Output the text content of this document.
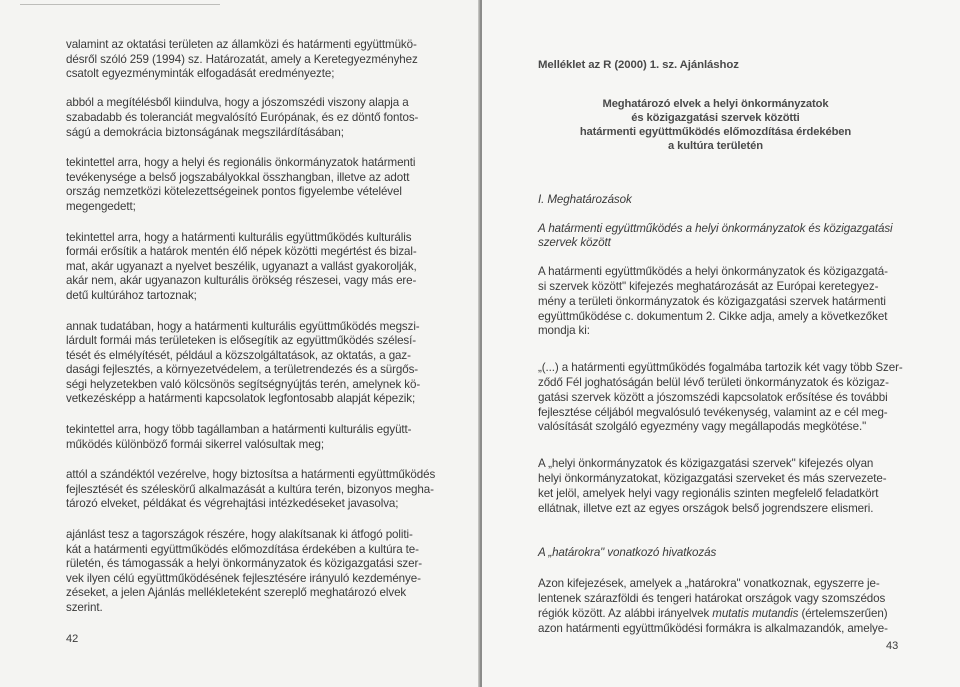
valamint az oktatási területen az államközi és határmenti együttmükö-
désről szóló 259 (1994) sz. Határozatát, amely a Keretegyezményhez
csatolt egyezményminták elfogadását eredményezte;

abból a megítélésből kiindulva, hogy a jószomszédi viszony alapja a
szabadabb és toleranciát megvalósító Európának, és ez döntő fontos-
ságú a demokrácia biztonságának megszilárdításában;

tekintettel arra, hogy a helyi és regionális önkormányzatok határmenti
tevékenysége a belső jogszabályokkal összhangban, illetve az adott
ország nemzetközi kötelezettségeinek pontos figyelembe vételével
megengedett;

tekintettel arra, hogy a határmenti kulturális együttműködés kulturális
formái erősítik a határok mentén élő népek közötti megértést és bizal-
mat, akár ugyanazt a nyelvet beszélik, ugyanazt a vallást gyakorolják,
akár nem, akár ugyanazon kulturális örökség részesei, vagy más ere-
detű kultúrához tartoznak;

annak tudatában, hogy a határmenti kulturális együttműködés megszi-
lárdult formái más területeken is elősegítik az együttműködés szélesí-
tését és elmélyítését, például a közszolgáltatások, az oktatás, a gaz-
dasági fejlesztés, a környezetvédelem, a területrendezés és a sürgős-
ségi helyzetekben való kölcsönös segítségnyújtás terén, amelynek kö-
vetkezésképp a határmenti kapcsolatok legfontosabb alapját képezik;

tekintettel arra, hogy több tagállamban a határmenti kulturális együtt-
működés különböző formái sikerrel valósultak meg;

attól a szándéktól vezérelve, hogy biztosítsa a határmenti együttműködés
fejlesztését és széleskörű alkalmazását a kultúra terén, bizonyos megha-
tározó elveket, példákat és végrehajtási intézkedéseket javasolva;

ajánlást tesz a tagországok részére, hogy alakítsanak ki átfogó politi-
kát a határmenti együttműködés előmozdítása érdekében a kultúra te-
rületén, és támogassák a helyi önkormányzatok és közigazgatási szer-
vek ilyen célú együttműködésének fejlesztésére irányuló kezdeménye-
zéseket, a jelen Ajánlás mellékleteként szereplő meghatározó elvek
szerint.

42
Melléklet az R (2000) 1. sz. Ajánláshoz
Meghatározó elvek a helyi önkormányzatok
és közigazgatási szervek közötti
határmenti együttműködés előmozdítása érdekében
a kultúra területén
I. Meghatározások
A határmenti együttműködés a helyi önkormányzatok és közigazgatási
szervek között

A határmenti együttműködés a helyi önkormányzatok és közigazgatá-
si szervek között" kifejezés meghatározását az Európai keretegyez-
mény a területi önkormányzatok és közigazgatási szervek határmenti
együttműködése c. dokumentum 2. Cikke adja, amely a következőket
mondja ki:

„(...) a határmenti együttműködés fogalmába tartozik két vagy több Szer-
ződő Fél joghatóságán belül lévő területi önkormányzatok és közigaz-
gatási szervek között a jószomszédi kapcsolatok erősítése és további
fejlesztése céljából megvalósuló tevékenység, valamint az e cél meg-
valósítását szolgáló egyezmény vagy megállapodás megkötése."

A „helyi önkormányzatok és közigazgatási szervek" kifejezés olyan
helyi önkormányzatokat, közigazgatási szerveket és más szervezete-
ket jelöl, amelyek helyi vagy regionális szinten megfelelő feladatkört
ellátnak, illetve ezt az egyes országok belső jogrendszere elismeri.

A „határokra" vonatkozó hivatkozás

Azon kifejezések, amelyek a „határokra" vonatkoznak, egyszerre je-
lentenek szárazföldi és tengeri határokat országok vagy szomszédos
régiók között. Az alábbi irányelvek mutatis mutandis (értelemszerűen)
azon határmenti együttműködési formákra is alkalmazandók, amelye-

43
